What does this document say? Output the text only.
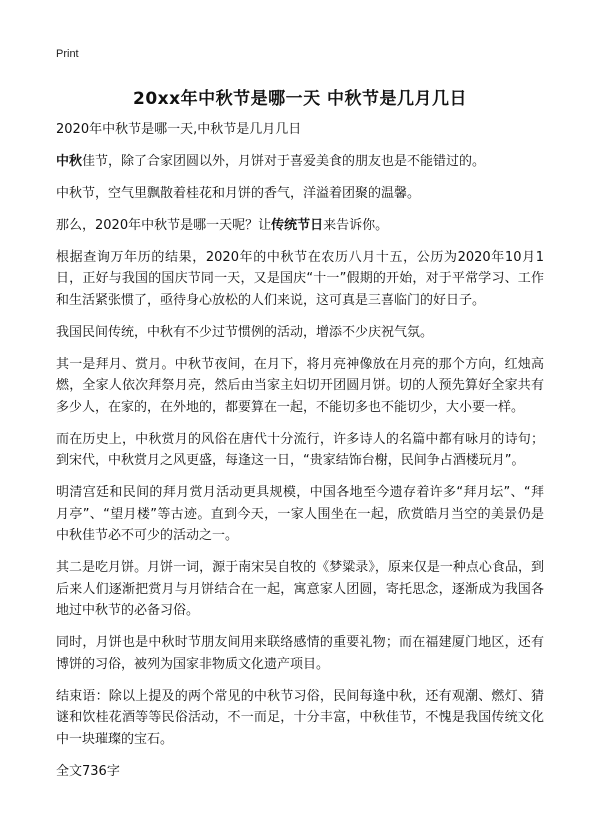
Print
20xx年中秋节是哪一天 中秋节是几月几日

2020年中秋节是哪一天,中秋节是几月几日

中秋佳节，除了合家团圆以外，月饼对于喜爱美食的朋友也是不能错过的。

中秋节，空气里飘散着桂花和月饼的香气，洋溢着团聚的温馨。

那么，2020年中秋节是哪一天呢？让传统节日来告诉你。

根据查询万年历的结果，2020年的中秋节在农历八月十五，公历为2020年10月1日，正好与我国的国庆节同一天，又是国庆“十一”假期的开始，对于平常学习、工作和生活紧张惯了，亟待身心放松的人们来说，这可真是三喜临门的好日子。

我国民间传统，中秋有不少过节惯例的活动，增添不少庆祝气氛。

其一是拜月、赏月。中秋节夜间，在月下，将月亮神像放在月亮的那个方向，红烛高燃，全家人依次拜祭月亮，然后由当家主妇切开团圆月饼。切的人预先算好全家共有多少人，在家的，在外地的，都要算在一起，不能切多也不能切少，大小要一样。

而在历史上，中秋赏月的风俗在唐代十分流行，许多诗人的名篇中都有咏月的诗句；到宋代，中秋赏月之风更盛，每逢这一日，“贵家结饰台榭，民间争占酒楼玩月”。

明清宫廷和民间的拜月赏月活动更具规模，中国各地至今遗存着许多“拜月坛”、“拜月亭”、“望月楼”等古迹。直到今天，一家人围坐在一起，欣赏皓月当空的美景仍是中秋佳节必不可少的活动之一。

其二是吃月饼。月饼一词，源于南宋吴自牧的《梦粱录》，原来仅是一种点心食品，到后来人们逐渐把赏月与月饼结合在一起，寓意家人团圆，寄托思念，逐渐成为我国各地过中秋节的必备习俗。

同时，月饼也是中秋时节朋友间用来联络感情的重要礼物；而在福建厦门地区，还有博饼的习俗，被列为国家非物质文化遗产项目。

结束语：除以上提及的两个常见的中秋节习俗，民间每逢中秋，还有观潮、燃灯、猜谜和饮桂花酒等等民俗活动，不一而足，十分丰富，中秋佳节，不愧是我国传统文化中一块璀璨的宝石。

全文736字
